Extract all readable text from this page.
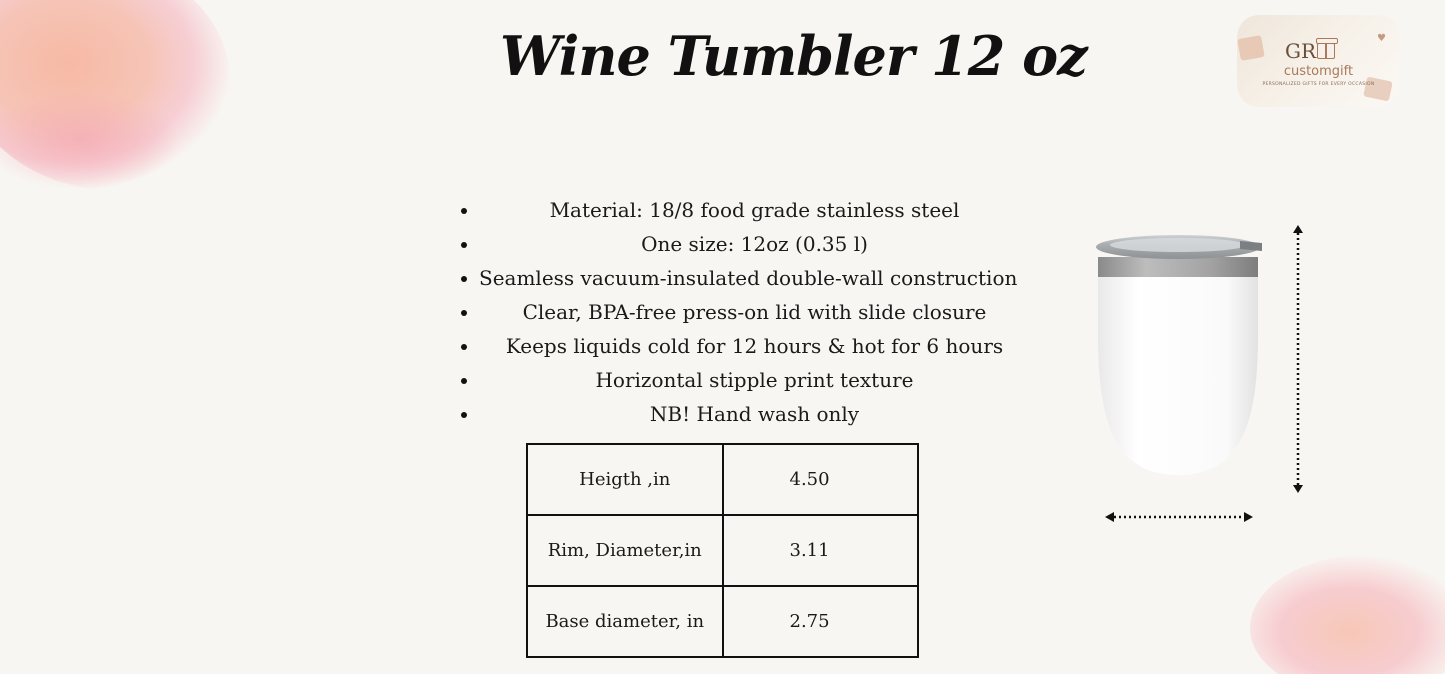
Wine Tumbler 12 oz	♥
GR
customgift
PERSONALIZED GIFTS FOR EVERY OCCASION
Material: 18/8 food grade stainless steel
One size: 12oz (0.35 l)
Seamless vacuum-insulated double-wall construction
Clear, BPA-free press-on lid with slide closure
Keeps liquids cold for 12 hours & hot for 6 hours
Horizontal stipple print texture
NB! Hand wash only
Heigth ,in	4.50
Rim, Diameter,in	3.11
Base diameter, in	2.75
